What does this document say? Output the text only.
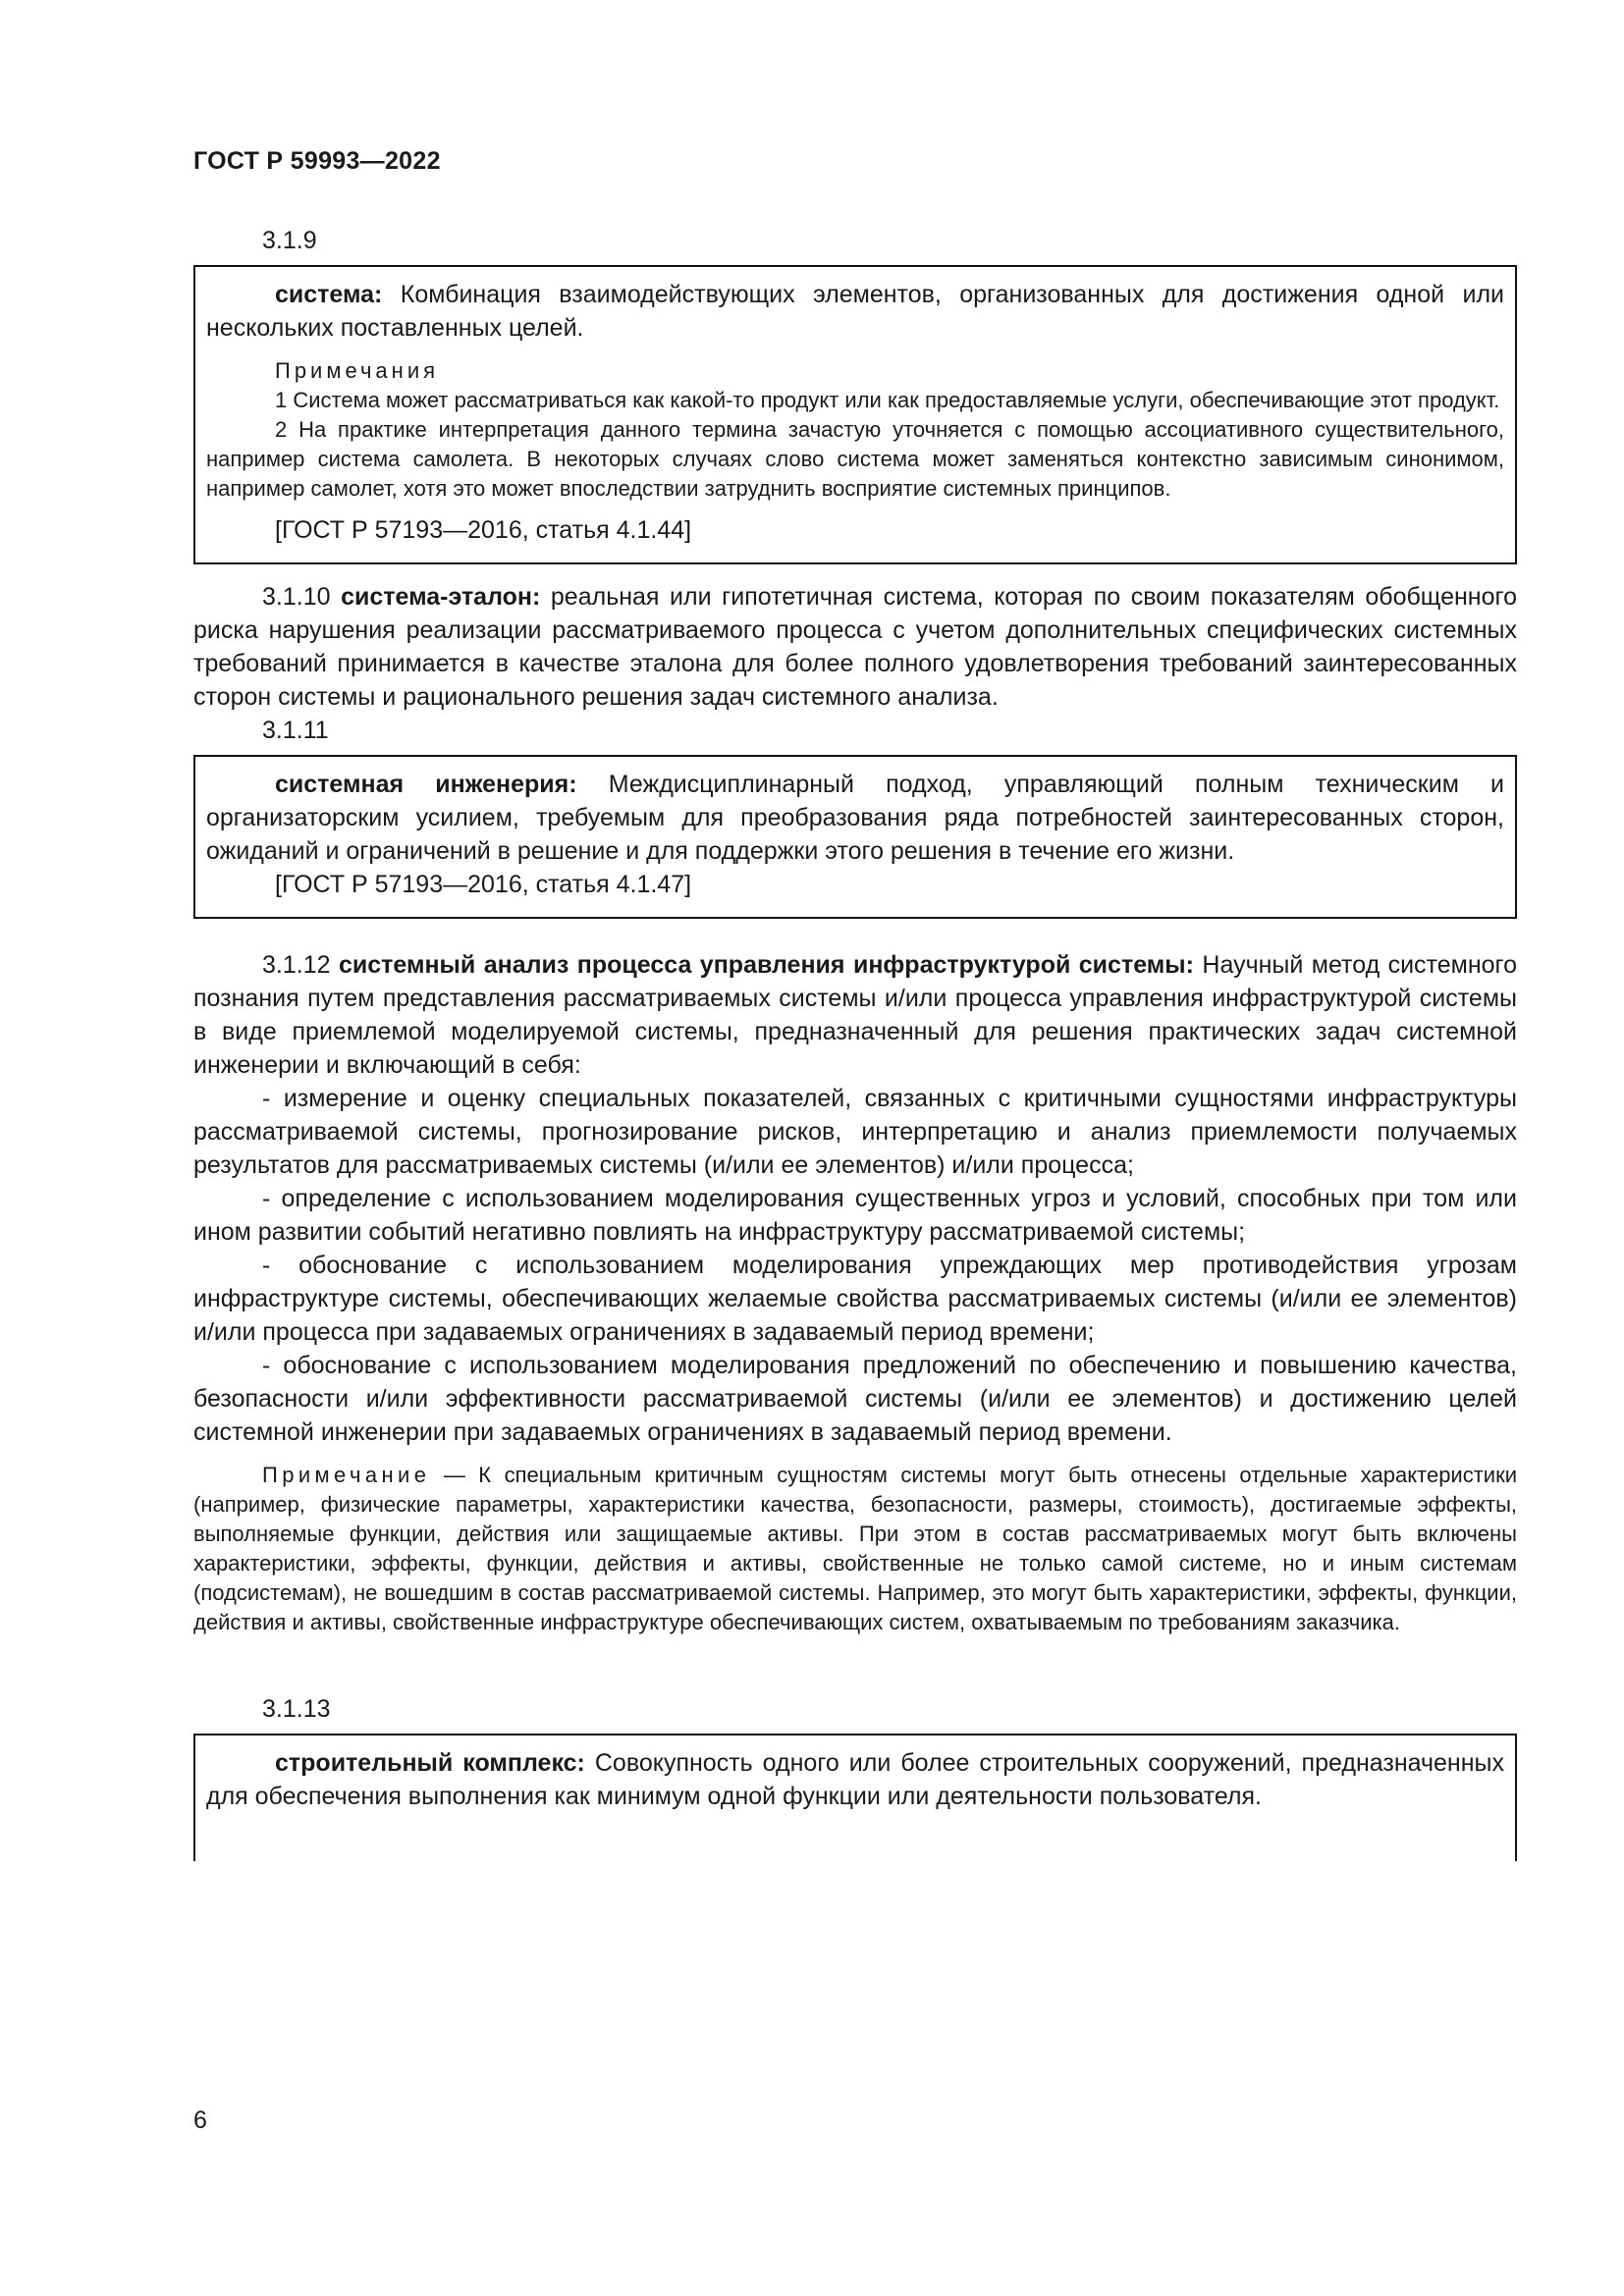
ГОСТ Р 59993—2022

3.1.9

система: Комбинация взаимодействующих элементов, организованных для достижения одной или нескольких поставленных целей.

Примечания

1 Система может рассматриваться как какой-то продукт или как предоставляемые услуги, обеспечивающие этот продукт.

2 На практике интерпретация данного термина зачастую уточняется с помощью ассоциативного существительного, например система самолета. В некоторых случаях слово система может заменяться контекстно зависимым синонимом, например самолет, хотя это может впоследствии затруднить восприятие системных принципов.

[ГОСТ Р 57193—2016, статья 4.1.44]

3.1.10 система-эталон: реальная или гипотетичная система, которая по своим показателям обобщенного риска нарушения реализации рассматриваемого процесса с учетом дополнительных специфических системных требований принимается в качестве эталона для более полного удовлетворения требований заинтересованных сторон системы и рационального решения задач системного анализа.

3.1.11

системная инженерия: Междисциплинарный подход, управляющий полным техническим и организаторским усилием, требуемым для преобразования ряда потребностей заинтересованных сторон, ожиданий и ограничений в решение и для поддержки этого решения в течение его жизни.

[ГОСТ Р 57193—2016, статья 4.1.47]

3.1.12 системный анализ процесса управления инфраструктурой системы: Научный метод системного познания путем представления рассматриваемых системы и/или процесса управления инфраструктурой системы в виде приемлемой моделируемой системы, предназначенный для решения практических задач системной инженерии и включающий в себя:

- измерение и оценку специальных показателей, связанных с критичными сущностями инфраструктуры рассматриваемой системы, прогнозирование рисков, интерпретацию и анализ приемлемости получаемых результатов для рассматриваемых системы (и/или ее элементов) и/или процесса;

- определение с использованием моделирования существенных угроз и условий, способных при том или ином развитии событий негативно повлиять на инфраструктуру рассматриваемой системы;

- обоснование с использованием моделирования упреждающих мер противодействия угрозам инфраструктуре системы, обеспечивающих желаемые свойства рассматриваемых системы (и/или ее элементов) и/или процесса при задаваемых ограничениях в задаваемый период времени;

- обоснование с использованием моделирования предложений по обеспечению и повышению качества, безопасности и/или эффективности рассматриваемой системы (и/или ее элементов) и достижению целей системной инженерии при задаваемых ограничениях в задаваемый период времени.

Примечание — К специальным критичным сущностям системы могут быть отнесены отдельные характеристики (например, физические параметры, характеристики качества, безопасности, размеры, стоимость), достигаемые эффекты, выполняемые функции, действия или защищаемые активы. При этом в состав рассматриваемых могут быть включены характеристики, эффекты, функции, действия и активы, свойственные не только самой системе, но и иным системам (подсистемам), не вошедшим в состав рассматриваемой системы. Например, это могут быть характеристики, эффекты, функции, действия и активы, свойственные инфраструктуре обеспечивающих систем, охватываемым по требованиям заказчика.

3.1.13

строительный комплекс: Совокупность одного или более строительных сооружений, предназначенных для обеспечения выполнения как минимум одной функции или деятельности пользователя.

6
